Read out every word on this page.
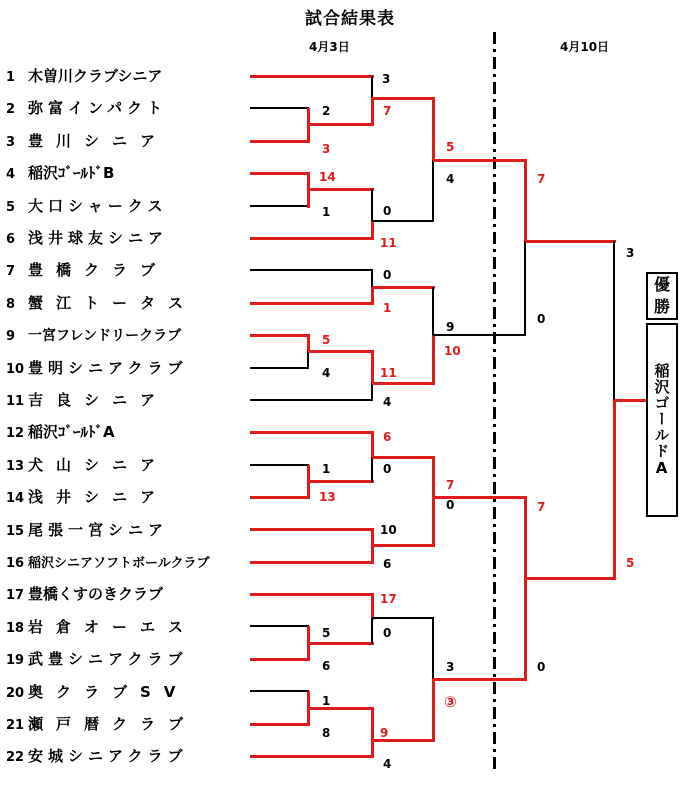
試合結果表
4月3日	4月10日
1 木曽川クラブシニア
2 弥富インパクト
3 豊川シニア
4 稲沢ｺﾞｰﾙﾄﾞB
5 大口シャークス
6 浅井球友シニア
7 豊橋クラブ
8 蟹江トータス
9 一宮フレンドリークラブ
10 豊明シニアクラブ
11 吉良シニア
12 稲沢ｺﾞｰﾙﾄﾞA
13 犬山シニア
14 浅井シニア
15 尾張一宮シニア
16 稲沢シニアソフトボールクラブ
17 豊橋くすのきクラブ
18 岩倉オーエス
19 武豊シニアクラブ
20 奥クラブSV
21 瀬戸暦クラブ
22 安城シニアクラブ
3
2
3
7
14
1	0
11
5
4	7
3
0
1
5
4	11
4
9
10
0
6
1	0
13
7
0
10
6
7
17
5	0
6	3
③
1
8	9
4
0
5
優勝
稲沢ゴールドA
